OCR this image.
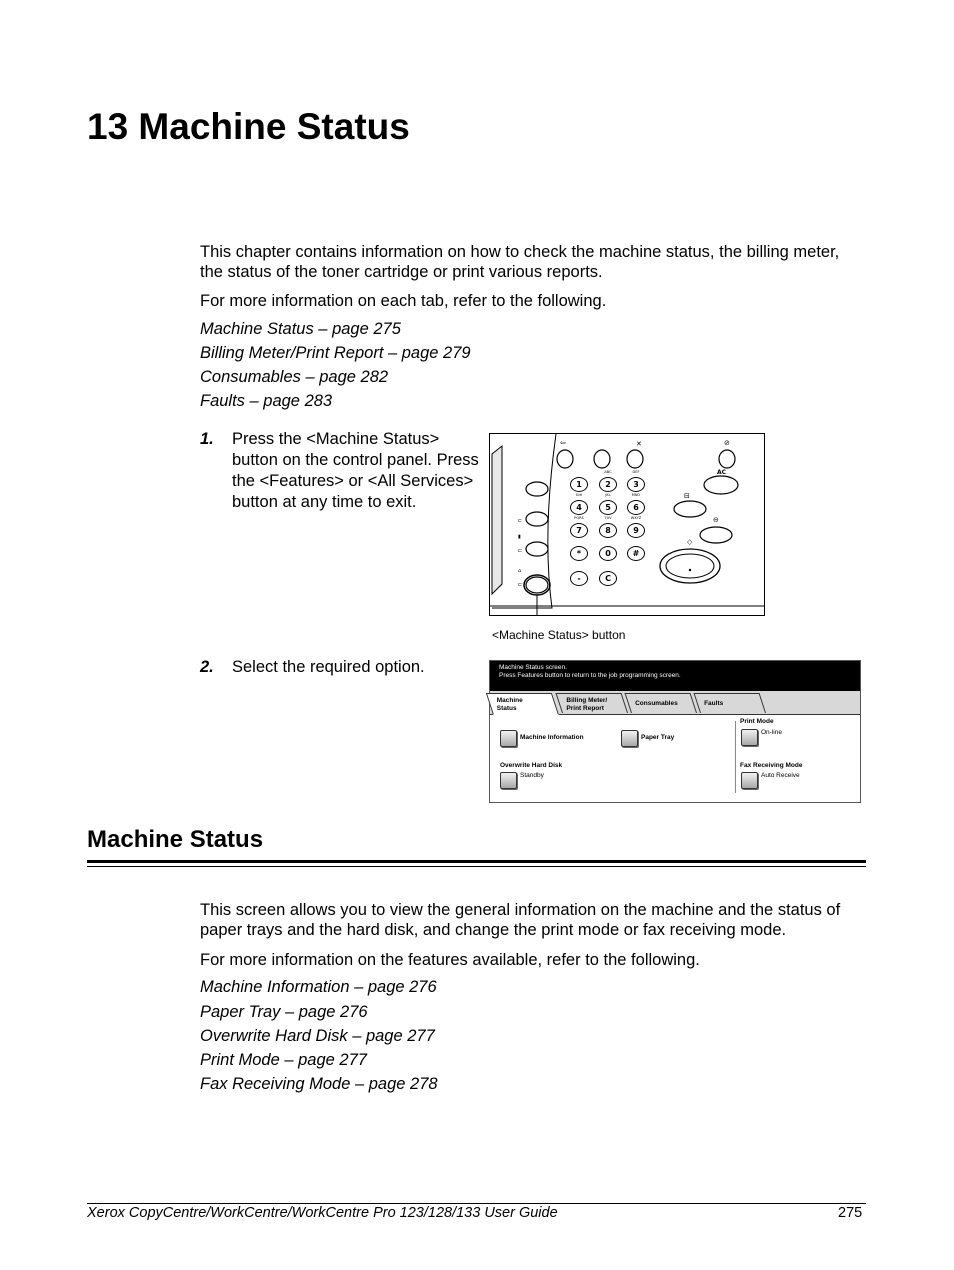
13 Machine Status

This chapter contains information on how to check the machine status, the billing meter, the status of the toner cartridge or print various reports.

For more information on each tab, refer to the following.

Machine Status – page 275

Billing Meter/Print Report – page 279

Consumables – page 282

Faults – page 283

1. Press the <Machine Status> button on the control panel. Press the <Features> or <All Services> button at any time to exit.
2. Select the required option.
⊏
▮
⊏
⌂
⊏
⇦	✕	⊘
1	2
ABC
3
DEF
4
GHI
5
JKL
6
MNO
7
PQRS
8
TUV
9
WXYZ
*	0	#
-	C
AC
⊟
⊖
◇
<Machine Status> button
Machine Status screen.
Press Features button to return to the job programming screen.
Machine
Status
Billing Meter/
Print Report
Consumables	Faults
Machine Information	Paper Tray
Overwrite Hard Disk
Standby
Print Mode
On-line
Fax Receiving Mode
Auto Receive
Machine Status

This screen allows you to view the general information on the machine and the status of paper trays and the hard disk, and change the print mode or fax receiving mode.

For more information on the features available, refer to the following.

Machine Information – page 276

Paper Tray – page 276

Overwrite Hard Disk – page 277

Print Mode – page 277

Fax Receiving Mode – page 278

Xerox CopyCentre/WorkCentre/WorkCentre Pro 123/128/133 User Guide	275
